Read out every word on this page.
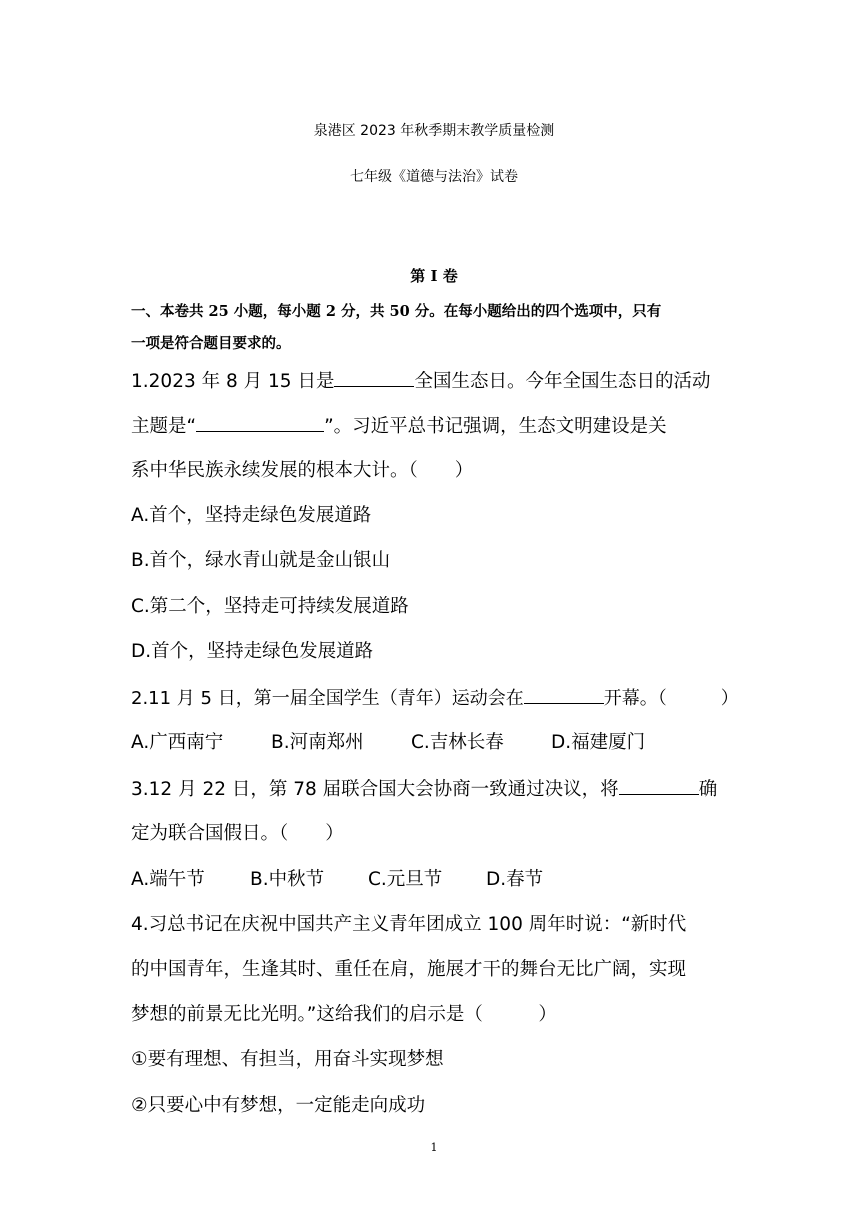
泉港区 2023 年秋季期末教学质量检测
七年级《道德与法治》试卷
第 I 卷
一、本卷共 25 小题，每小题 2 分，共 50 分。在每小题给出的四个选项中，只有
一项是符合题目要求的。
1.2023 年 8 月 15 日是	全国生态日。今年全国生态日的活动
主题是“	”。习近平总书记强调，生态文明建设是关
系中华民族永续发展的根本大计。（　　）
A.首个，坚持走绿色发展道路
B.首个，绿水青山就是金山银山
C.第二个，坚持走可持续发展道路
D.首个，坚持走绿色发展道路
2.11 月 5 日，第一届全国学生（青年）运动会在	开幕。（　　　）
A.广西南宁	B.河南郑州	C.吉林长春	D.福建厦门
3.12 月 22 日，第 78 届联合国大会协商一致通过决议，将	确
定为联合国假日。（　　）
A.端午节 B.中秋节 C.元旦节 D.春节
4.习总书记在庆祝中国共产主义青年团成立 100 周年时说：“新时代
的中国青年，生逢其时、重任在肩，施展才干的舞台无比广阔，实现
梦想的前景无比光明。”这给我们的启示是（　　　）
①要有理想、有担当，用奋斗实现梦想
②只要心中有梦想，一定能走向成功
1
